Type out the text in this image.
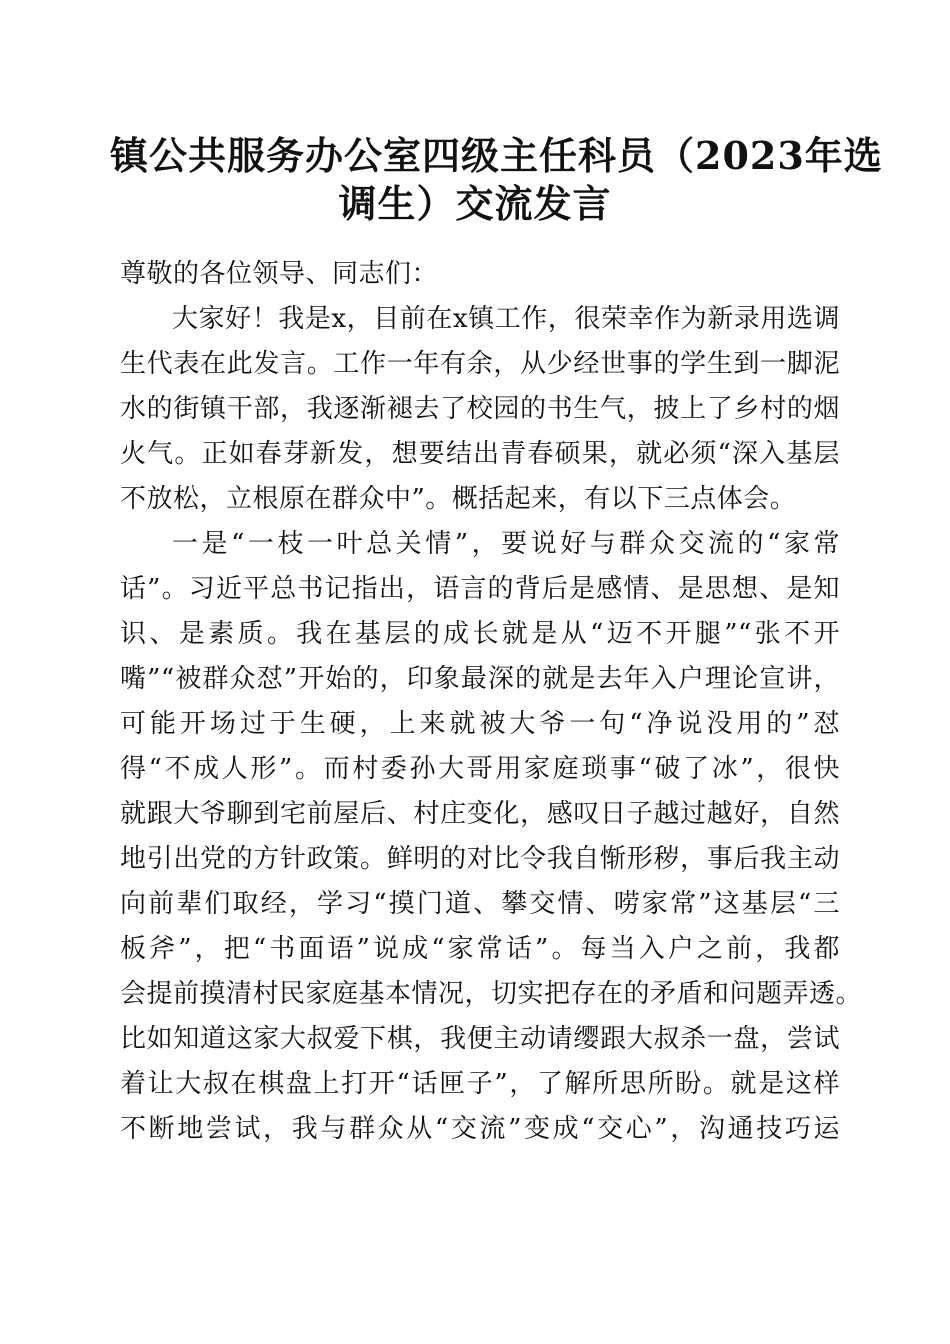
镇公共服务办公室四级主任科员（2023年选
调生）交流发言
尊敬的各位领导、同志们：
大家好！我是x，目前在x镇工作，很荣幸作为新录用选调
生代表在此发言。工作一年有余，从少经世事的学生到一脚泥
水的街镇干部，我逐渐褪去了校园的书生气，披上了乡村的烟
火气。正如春芽新发，想要结出青春硕果，就必须“深入基层
不放松，立根原在群众中”。概括起来，有以下三点体会。
一是“一枝一叶总关情”，要说好与群众交流的“家常
话”。习近平总书记指出，语言的背后是感情、是思想、是知
识、是素质。我在基层的成长就是从“迈不开腿”“张不开
嘴”“被群众怼”开始的，印象最深的就是去年入户理论宣讲，
可能开场过于生硬，上来就被大爷一句“净说没用的”怼
得“不成人形”。而村委孙大哥用家庭琐事“破了冰”，很快
就跟大爷聊到宅前屋后、村庄变化，感叹日子越过越好，自然
地引出党的方针政策。鲜明的对比令我自惭形秽，事后我主动
向前辈们取经，学习“摸门道、攀交情、唠家常”这基层“三
板斧”，把“书面语”说成“家常话”。每当入户之前，我都
会提前摸清村民家庭基本情况，切实把存在的矛盾和问题弄透。
比如知道这家大叔爱下棋，我便主动请缨跟大叔杀一盘，尝试
着让大叔在棋盘上打开“话匣子”，了解所思所盼。就是这样
不断地尝试，我与群众从“交流”变成“交心”，沟通技巧运
